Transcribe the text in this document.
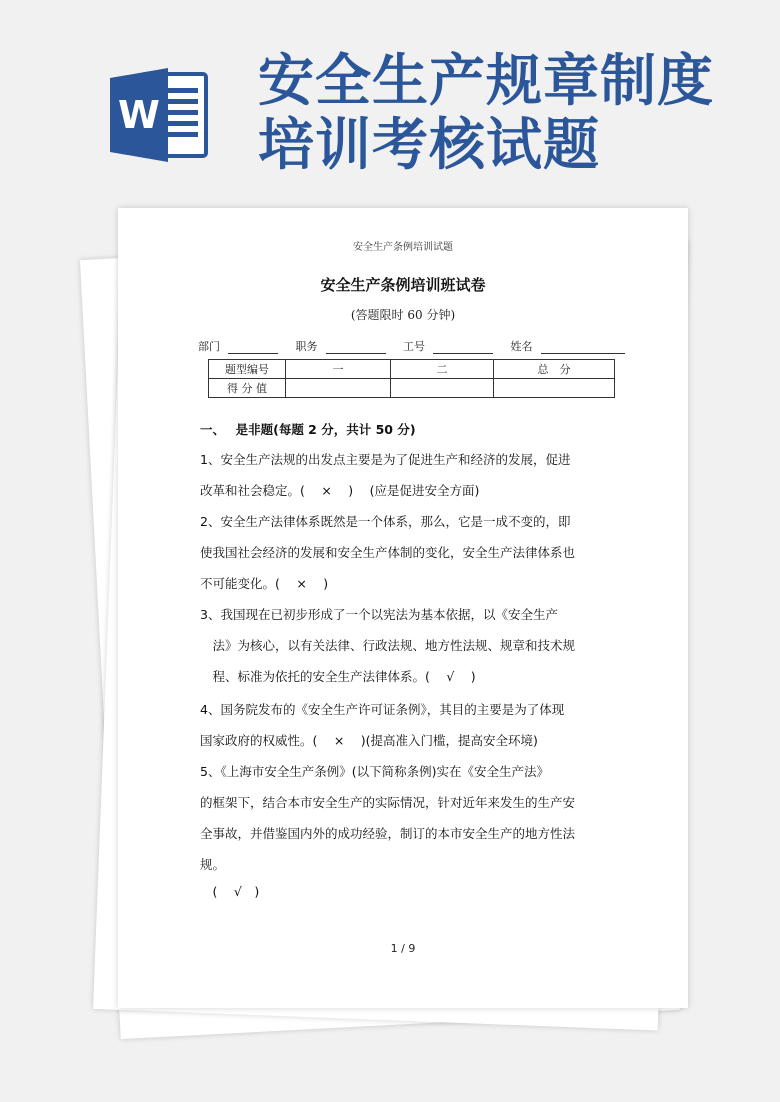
W
安全生产规章制度
培训考核试题
安全生产条例培训试题
安全生产条例培训班试卷
(答题限时 60 分钟)
部门	职务	工号	姓名
题型编号	一	二	总　分
得 分 值			
一、　 是非题(每题 2 分，共计 50 分)
1、安全生产法规的出发点主要是为了促进生产和经济的发展，促进
改革和社会稳定。(　 ×　 )　 (应是促进安全方面)
2、安全生产法律体系既然是一个体系，那么，它是一成不变的，即
使我国社会经济的发展和安全生产体制的变化，安全生产法律体系也
不可能变化。(　 ×　 )
3、我国现在已初步形成了一个以宪法为基本依据，以《安全生产
　法》为核心，以有关法律、行政法规、地方性法规、规章和技术规
　程、标准为依托的安全生产法律体系。(　 √　 )
4、国务院发布的《安全生产许可证条例》，其目的主要是为了体现
国家政府的权威性。(　 ×　 )(提高准入门槛，提高安全环境)
5、《上海市安全生产条例》(以下简称条例)实在《安全生产法》
的框架下，结合本市安全生产的实际情况，针对近年来发生的生产安
全事故，并借鉴国内外的成功经验，制订的本市安全生产的地方性法
规。
　(　 √　)
1 / 9
